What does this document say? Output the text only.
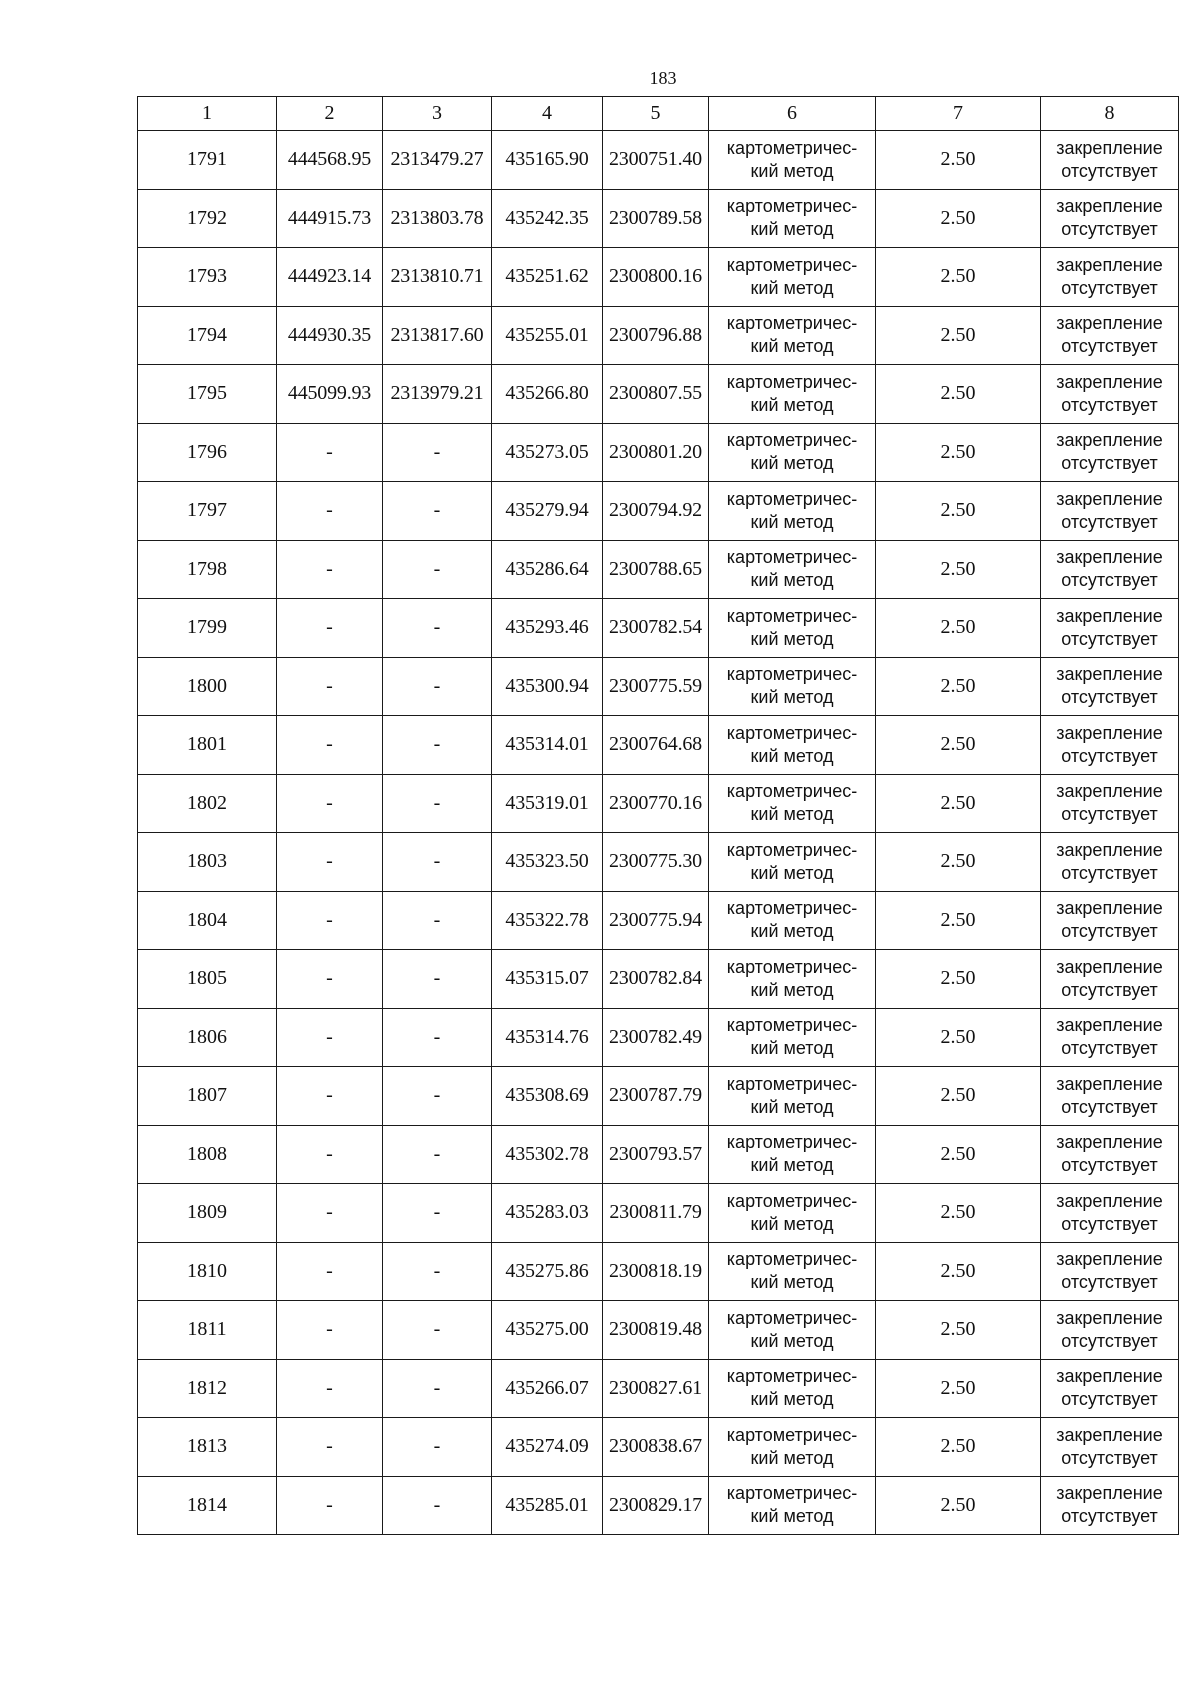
183
1	2	3	4	5	6	7	8
1791	444568.95	2313479.27	435165.90	2300751.40	картометричес-
кий метод	2.50	закрепление
отсутствует

1792	444915.73	2313803.78	435242.35	2300789.58	картометричес-
кий метод	2.50	закрепление
отсутствует

1793	444923.14	2313810.71	435251.62	2300800.16	картометричес-
кий метод	2.50	закрепление
отсутствует

1794	444930.35	2313817.60	435255.01	2300796.88	картометричес-
кий метод	2.50	закрепление
отсутствует

1795	445099.93	2313979.21	435266.80	2300807.55	картометричес-
кий метод	2.50	закрепление
отсутствует

1796	-	-	435273.05	2300801.20	картометричес-
кий метод	2.50	закрепление
отсутствует

1797	-	-	435279.94	2300794.92	картометричес-
кий метод	2.50	закрепление
отсутствует

1798	-	-	435286.64	2300788.65	картометричес-
кий метод	2.50	закрепление
отсутствует

1799	-	-	435293.46	2300782.54	картометричес-
кий метод	2.50	закрепление
отсутствует

1800	-	-	435300.94	2300775.59	картометричес-
кий метод	2.50	закрепление
отсутствует

1801	-	-	435314.01	2300764.68	картометричес-
кий метод	2.50	закрепление
отсутствует

1802	-	-	435319.01	2300770.16	картометричес-
кий метод	2.50	закрепление
отсутствует

1803	-	-	435323.50	2300775.30	картометричес-
кий метод	2.50	закрепление
отсутствует

1804	-	-	435322.78	2300775.94	картометричес-
кий метод	2.50	закрепление
отсутствует

1805	-	-	435315.07	2300782.84	картометричес-
кий метод	2.50	закрепление
отсутствует

1806	-	-	435314.76	2300782.49	картометричес-
кий метод	2.50	закрепление
отсутствует

1807	-	-	435308.69	2300787.79	картометричес-
кий метод	2.50	закрепление
отсутствует

1808	-	-	435302.78	2300793.57	картометричес-
кий метод	2.50	закрепление
отсутствует

1809	-	-	435283.03	2300811.79	картометричес-
кий метод	2.50	закрепление
отсутствует

1810	-	-	435275.86	2300818.19	картометричес-
кий метод	2.50	закрепление
отсутствует

1811	-	-	435275.00	2300819.48	картометричес-
кий метод	2.50	закрепление
отсутствует

1812	-	-	435266.07	2300827.61	картометричес-
кий метод	2.50	закрепление
отсутствует

1813	-	-	435274.09	2300838.67	картометричес-
кий метод	2.50	закрепление
отсутствует

1814	-	-	435285.01	2300829.17	картометричес-
кий метод	2.50	закрепление
отсутствует
